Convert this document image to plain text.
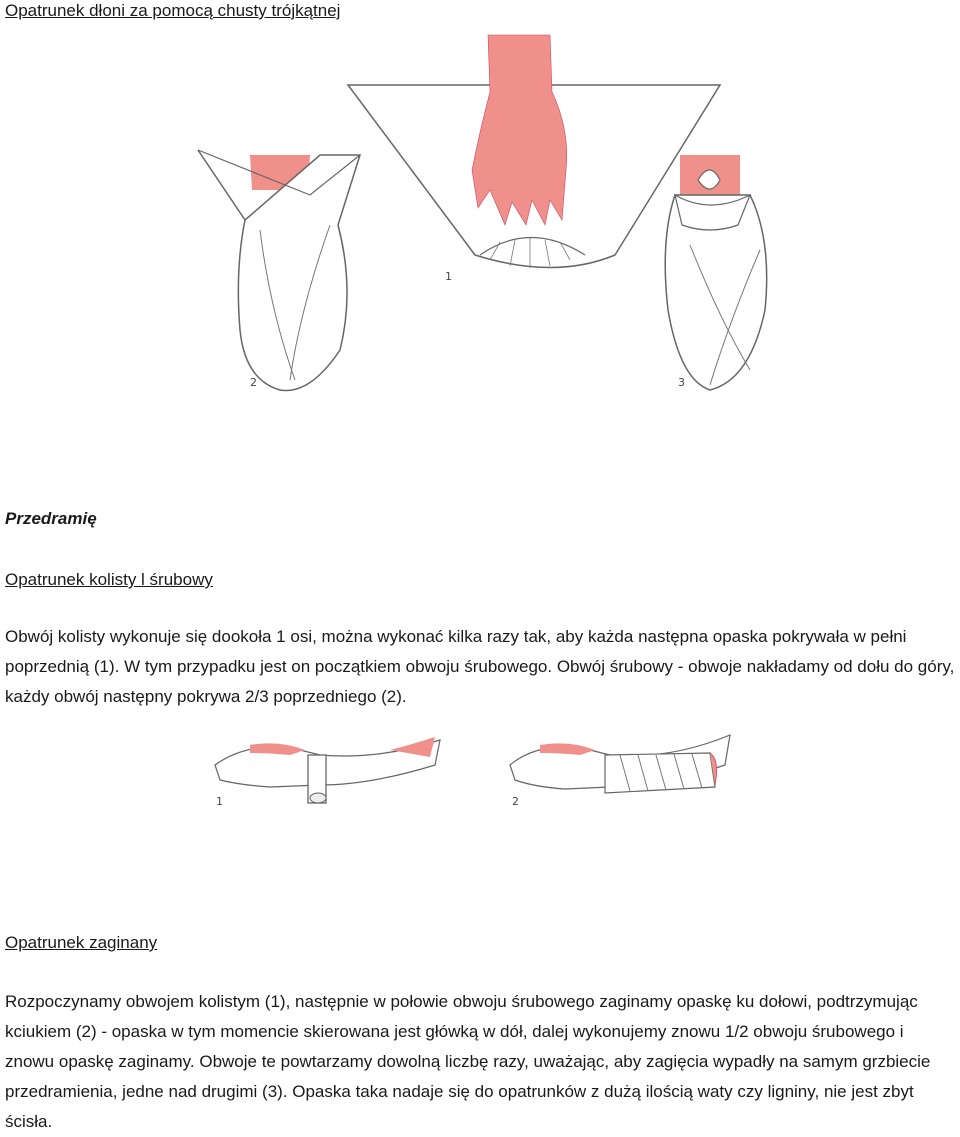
Opatrunek dłoni za pomocą chusty trójkątnej
2	3
1
Przedramię
Opatrunek kolisty l śrubowy

Obwój kolisty wykonuje się dookoła 1 osi, można wykonać kilka razy tak, aby każda następna opaska pokrywała w pełni poprzednią (1). W tym przypadku jest on początkiem obwoju śrubowego. Obwój śrubowy - obwoje nakładamy od dołu do góry, każdy obwój następny pokrywa 2/3 poprzedniego (2).

1	2
Opatrunek zaginany

Rozpoczynamy obwojem kolistym (1), następnie w połowie obwoju śrubowego zaginamy opaskę ku dołowi, podtrzymując kciukiem (2) - opaska w tym momencie skierowana jest główką w dół, dalej wykonujemy znowu 1/2 obwoju śrubowego i znowu opaskę zaginamy. Obwoje te powtarzamy dowolną liczbę razy, uważając, aby zagięcia wypadły na samym grzbiecie przedramienia, jedne nad drugimi (3). Opaska taka nadaje się do opatrunków z dużą ilością waty czy ligniny, nie jest zbyt ścisła.
